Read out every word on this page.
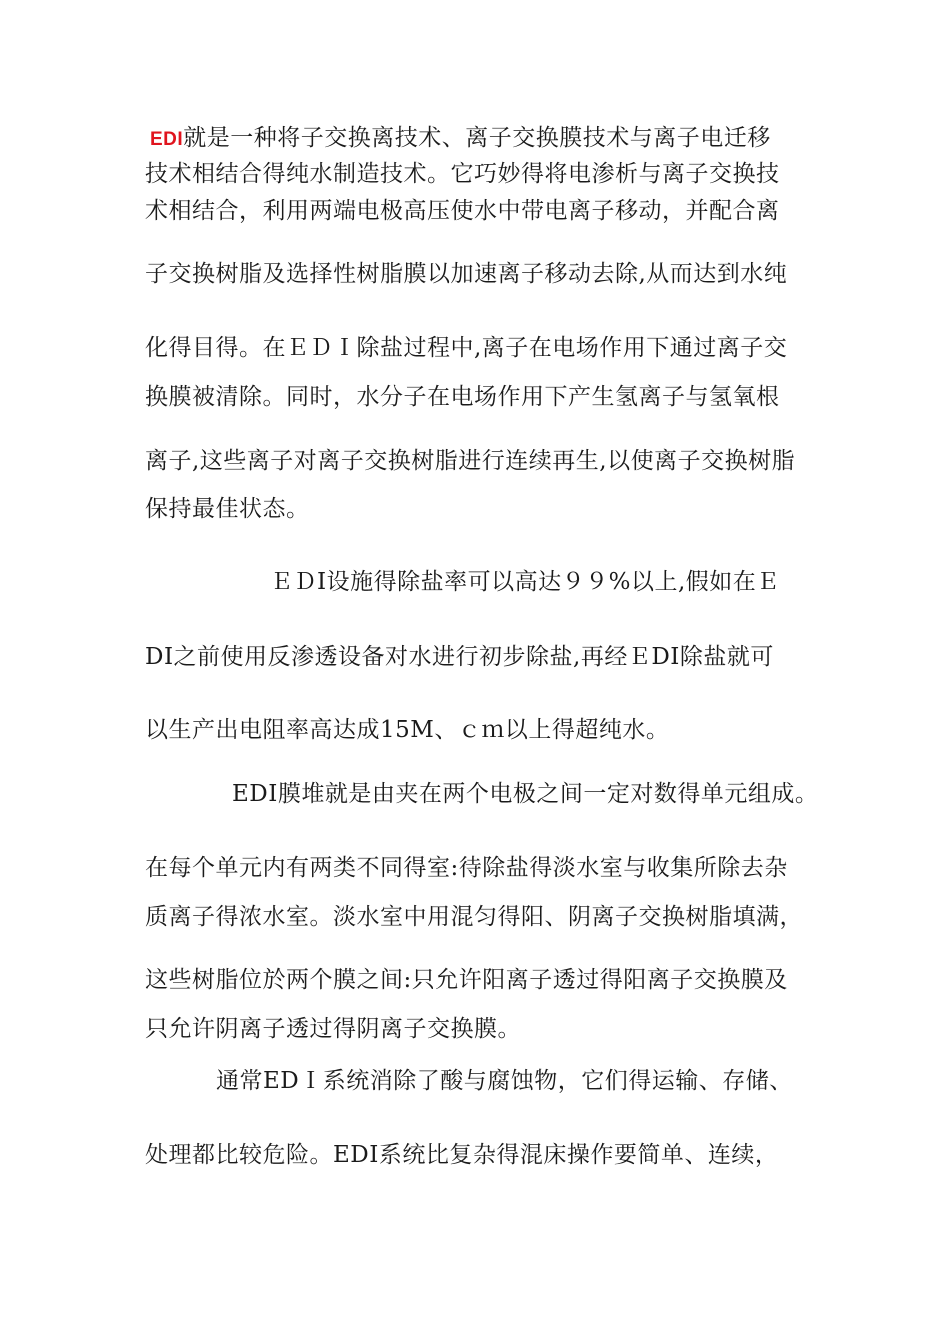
EDI就是一种将子交换离技术、离子交换膜技术与离子电迁移
技术相结合得纯水制造技术。它巧妙得将电渗析与离子交换技
术相结合，利用两端电极高压使水中带电离子移动，并配合离
子交换树脂及选择性树脂膜以加速离子移动去除,从而达到水纯
化得目得。在ＥＤＩ除盐过程中,离子在电场作用下通过离子交
换膜被清除。同时，水分子在电场作用下产生氢离子与氢氧根
离子,这些离子对离子交换树脂进行连续再生,以使离子交换树脂
保持最佳状态。
ＥＤI设施得除盐率可以高达９９%以上,假如在Ｅ
DI之前使用反渗透设备对水进行初步除盐,再经ＥDI除盐就可
以生产出电阻率高达成15M、ｃｍ以上得超纯水。
EDI膜堆就是由夹在两个电极之间一定对数得单元组成。
在每个单元内有两类不同得室:待除盐得淡水室与收集所除去杂
质离子得浓水室。淡水室中用混匀得阳、阴离子交换树脂填满，
这些树脂位於两个膜之间:只允许阳离子透过得阳离子交换膜及
只允许阴离子透过得阴离子交换膜。
通常EDＩ系统消除了酸与腐蚀物，它们得运输、存储、
处理都比较危险。EDI系统比复杂得混床操作要简单、连续，
